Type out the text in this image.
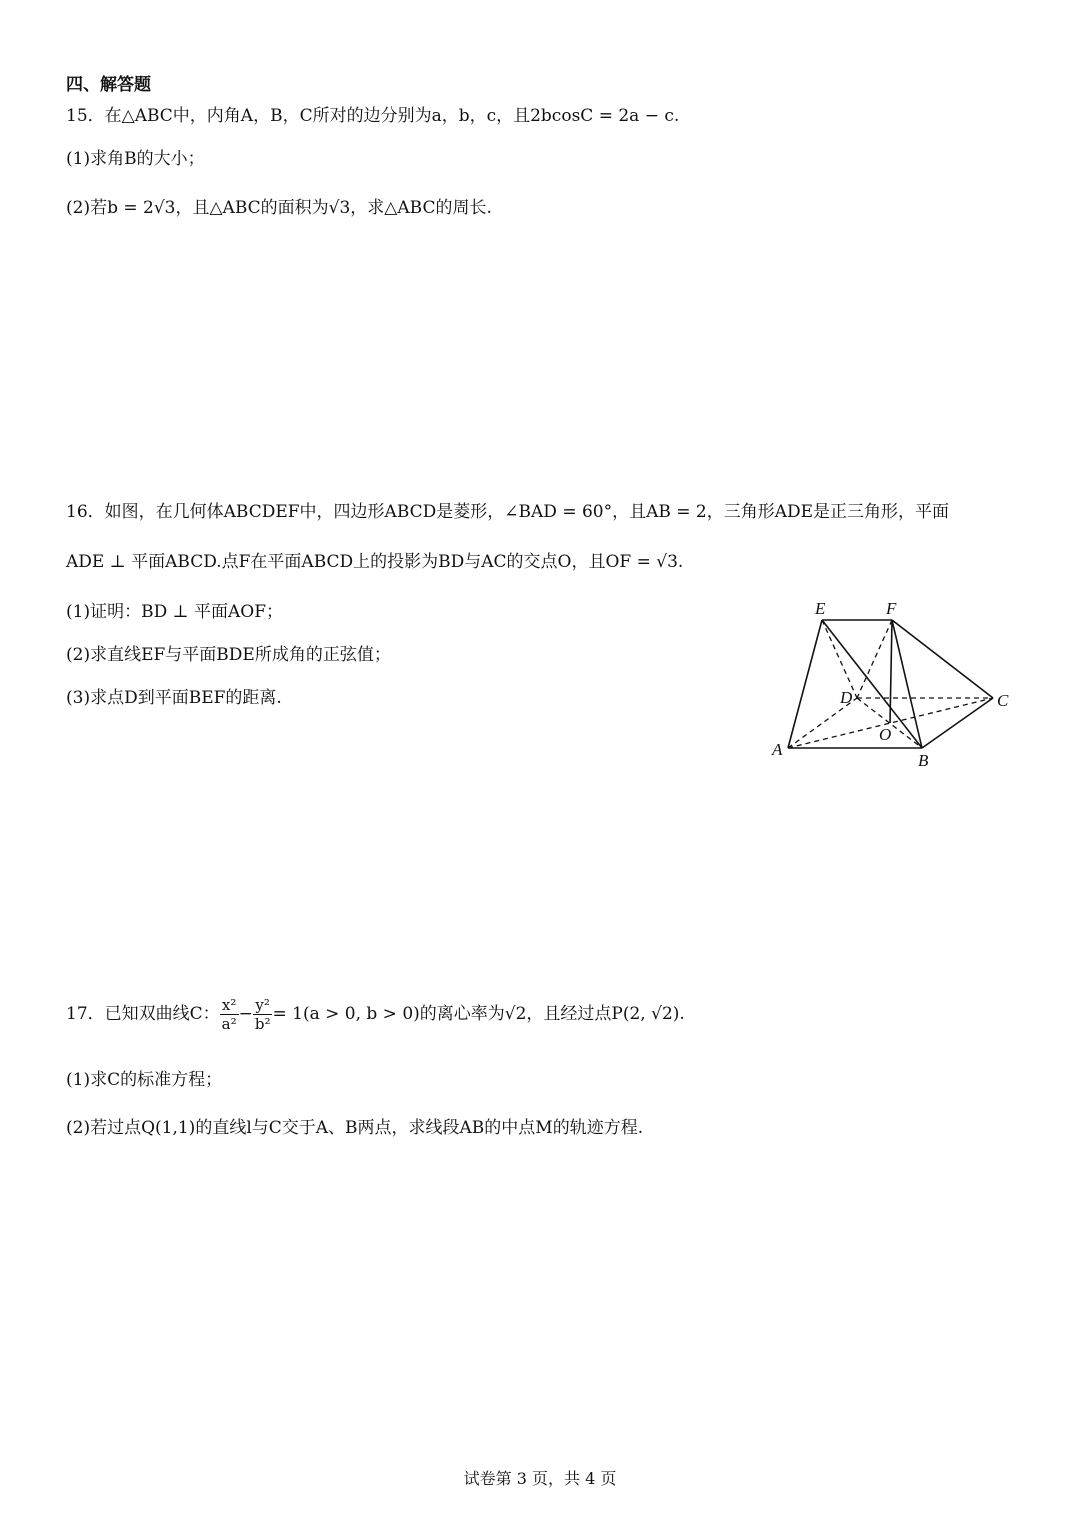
四、解答题
15．在△ABC中，内角A，B，C所对的边分别为a，b，c，且2bcosC = 2a − c.
(1)求角B的大小；
(2)若b = 2√3，且△ABC的面积为√3，求△ABC的周长.
16．如图，在几何体ABCDEF中，四边形ABCD是菱形，∠BAD = 60°，且AB = 2，三角形ADE是正三角形，平面
ADE ⊥ 平面ABCD.点F在平面ABCD上的投影为BD与AC的交点O，且OF = √3.
(1)证明：BD ⊥ 平面AOF；
(2)求直线EF与平面BDE所成角的正弦值；
(3)求点D到平面BEF的距离.
E	F
D	C
O
A
B
17．已知双曲线C： $\frac{\text{x²}}{\text{a²}} - \frac{\text{y²}}{\text{b²}} = 1(a > 0$, b > 0)的离心率为√2，且经过点P(2, √2).
(1)求C的标准方程；
(2)若过点Q(1,1)的直线l与C交于A、B两点，求线段AB的中点M的轨迹方程.
试卷第 3 页，共 4 页
